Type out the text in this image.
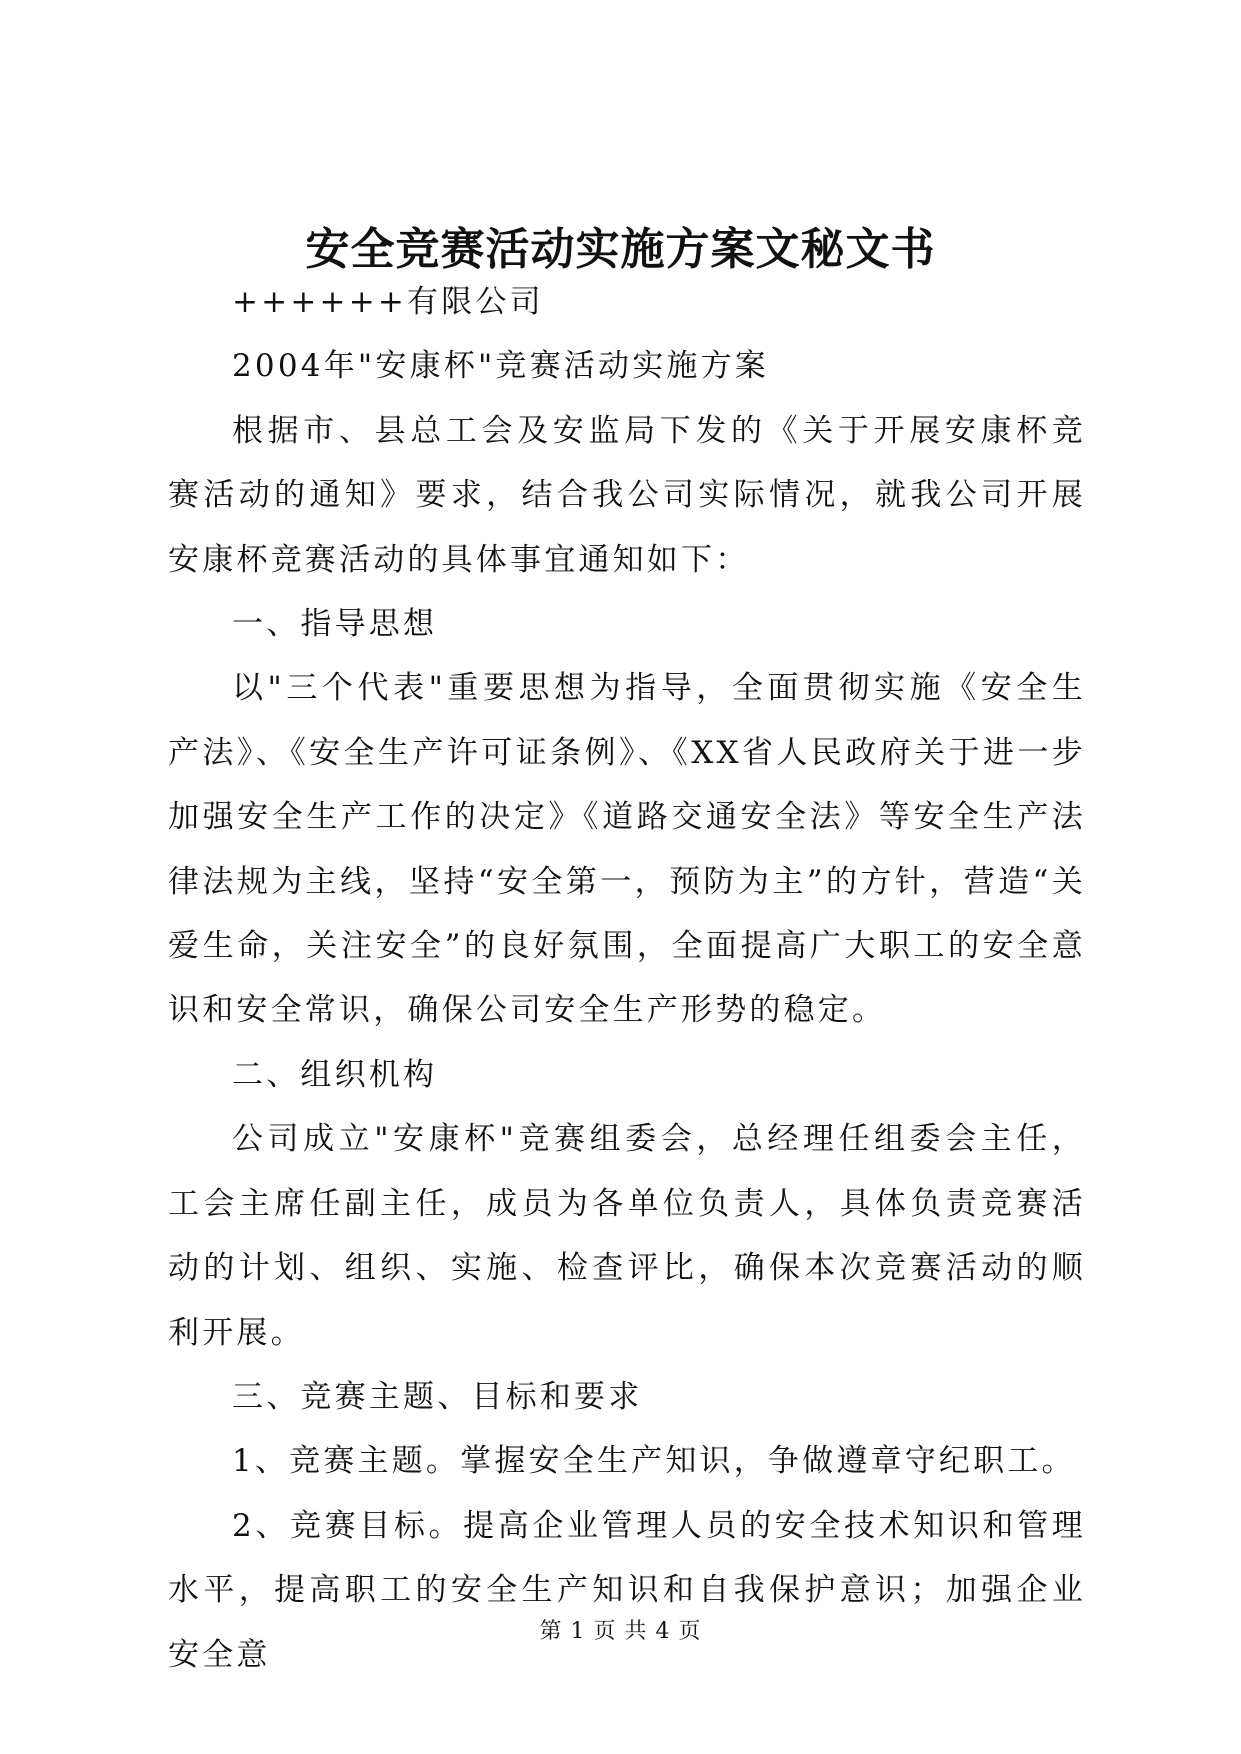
安全竞赛活动实施方案文秘文书

++++++有限公司

2004年"安康杯"竞赛活动实施方案

根据市、县总工会及安监局下发的《关于开展安康杯竞赛活动的通知》要求，结合我公司实际情况，就我公司开展安康杯竞赛活动的具体事宜通知如下：

一、指导思想

以"三个代表"重要思想为指导，全面贯彻实施《安全生产法》、《安全生产许可证条例》、《XX省人民政府关于进一步加强安全生产工作的决定》《道路交通安全法》等安全生产法律法规为主线，坚持“安全第一，预防为主”的方针，营造“关爱生命，关注安全”的良好氛围，全面提高广大职工的安全意识和安全常识，确保公司安全生产形势的稳定。

二、组织机构

公司成立"安康杯"竞赛组委会，总经理任组委会主任，工会主席任副主任，成员为各单位负责人，具体负责竞赛活动的计划、组织、实施、检查评比，确保本次竞赛活动的顺利开展。

三、竞赛主题、目标和要求

1、竞赛主题。掌握安全生产知识，争做遵章守纪职工。

2、竞赛目标。提高企业管理人员的安全技术知识和管理水平，提高职工的安全生产知识和自我保护意识；加强企业安全意

第 1 页 共 4 页
